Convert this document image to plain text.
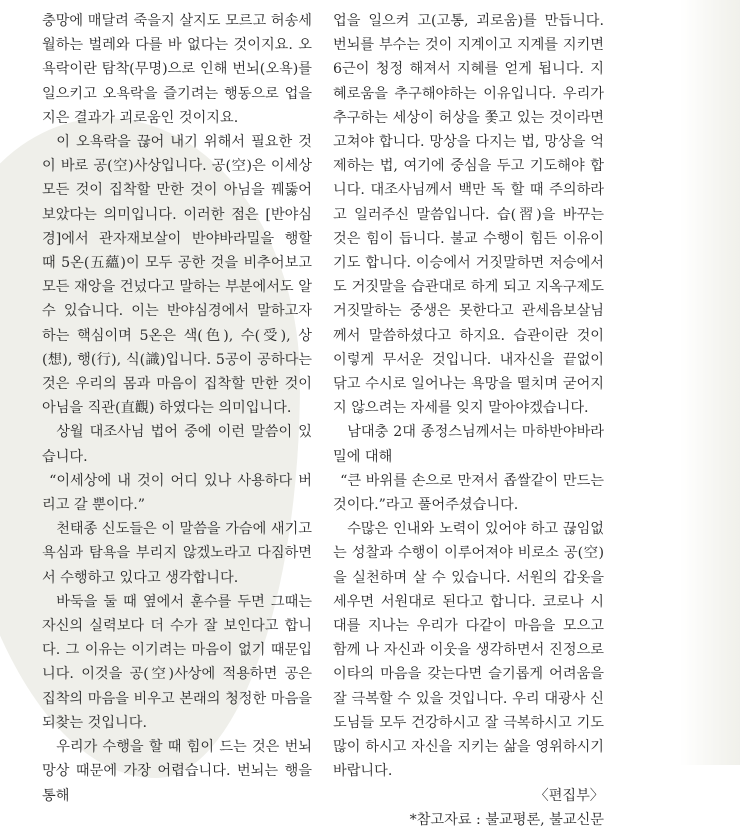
충망에 매달려 죽을지 살지도 모르고 허송세월하는 벌레와 다를 바 없다는 것이지요. 오욕락이란 탐착(무명)으로 인해 번뇌(오욕)를 일으키고 오욕락을 즐기려는 행동으로 업을 지은 결과가 괴로움인 것이지요.

이 오욕락을 끊어 내기 위해서 필요한 것이 바로 공(空)사상입니다. 공(空)은 이세상 모든 것이 집착할 만한 것이 아님을 꿰뚫어 보았다는 의미입니다. 이러한 점은 [반야심경]에서 관자재보살이 반야바라밀을 행할 때 5온(五蘊)이 모두 공한 것을 비추어보고 모든 재앙을 건넜다고 말하는 부분에서도 알 수 있습니다. 이는 반야심경에서 말하고자 하는 핵심이며 5온은 색(色), 수(受), 상(想), 행(行), 식(識)입니다. 5공이 공하다는 것은 우리의 몸과 마음이 집착할 만한 것이 아님을 직관(直觀) 하였다는 의미입니다.

상월 대조사님 법어 중에 이런 말씀이 있습니다.

“이세상에 내 것이 어디 있나 사용하다 버리고 갈 뿐이다.”

천태종 신도들은 이 말씀을 가슴에 새기고 욕심과 탐욕을 부리지 않겠노라고 다짐하면서 수행하고 있다고 생각합니다.

바둑을 둘 때 옆에서 훈수를 두면 그때는 자신의 실력보다 더 수가 잘 보인다고 합니다. 그 이유는 이기려는 마음이 없기 때문입니다. 이것을 공(空)사상에 적용하면 공은 집착의 마음을 비우고 본래의 청정한 마음을 되찾는 것입니다.

우리가 수행을 할 때 힘이 드는 것은 번뇌망상 때문에 가장 어렵습니다. 번뇌는 행을 통해

업을 일으켜 고(고통, 괴로움)를 만듭니다. 번뇌를 부수는 것이 지계이고 지계를 지키면 6근이 청정 해져서 지혜를 얻게 됩니다. 지혜로움을 추구해야하는 이유입니다. 우리가 추구하는 세상이 허상을 쫓고 있는 것이라면 고쳐야 합니다. 망상을 다지는 법, 망상을 억제하는 법, 여기에 중심을 두고 기도해야 합니다. 대조사님께서 백만 독 할 때 주의하라고 일러주신 말씀입니다. 습(習)을 바꾸는 것은 힘이 듭니다. 불교 수행이 힘든 이유이기도 합니다. 이승에서 거짓말하면 저승에서도 거짓말을 습관대로 하게 되고 지옥구제도 거짓말하는 중생은 못한다고 관세음보살님께서 말씀하셨다고 하지요. 습관이란 것이 이렇게 무서운 것입니다. 내자신을 끝없이 닦고 수시로 일어나는 욕망을 떨치며 굳어지지 않으려는 자세를 잊지 말아야겠습니다.

남대충 2대 종정스님께서는 마하반야바라밀에 대해

“큰 바위를 손으로 만져서 좁쌀같이 만드는 것이다.”라고 풀어주셨습니다.

수많은 인내와 노력이 있어야 하고 끊임없는 성찰과 수행이 이루어져야 비로소 공(空)을 실천하며 살 수 있습니다. 서원의 갑옷을 세우면 서원대로 된다고 합니다. 코로나 시대를 지나는 우리가 다같이 마음을 모으고 함께 나 자신과 이웃을 생각하면서 진정으로 이타의 마음을 갖는다면 슬기롭게 어려움을 잘 극복할 수 있을 것입니다. 우리 대광사 신도님들 모두 건강하시고 잘 극복하시고 기도 많이 하시고 자신을 지키는 삶을 영위하시기 바랍니다.

〈편집부〉

*참고자료 : 불교평론, 불교신문
